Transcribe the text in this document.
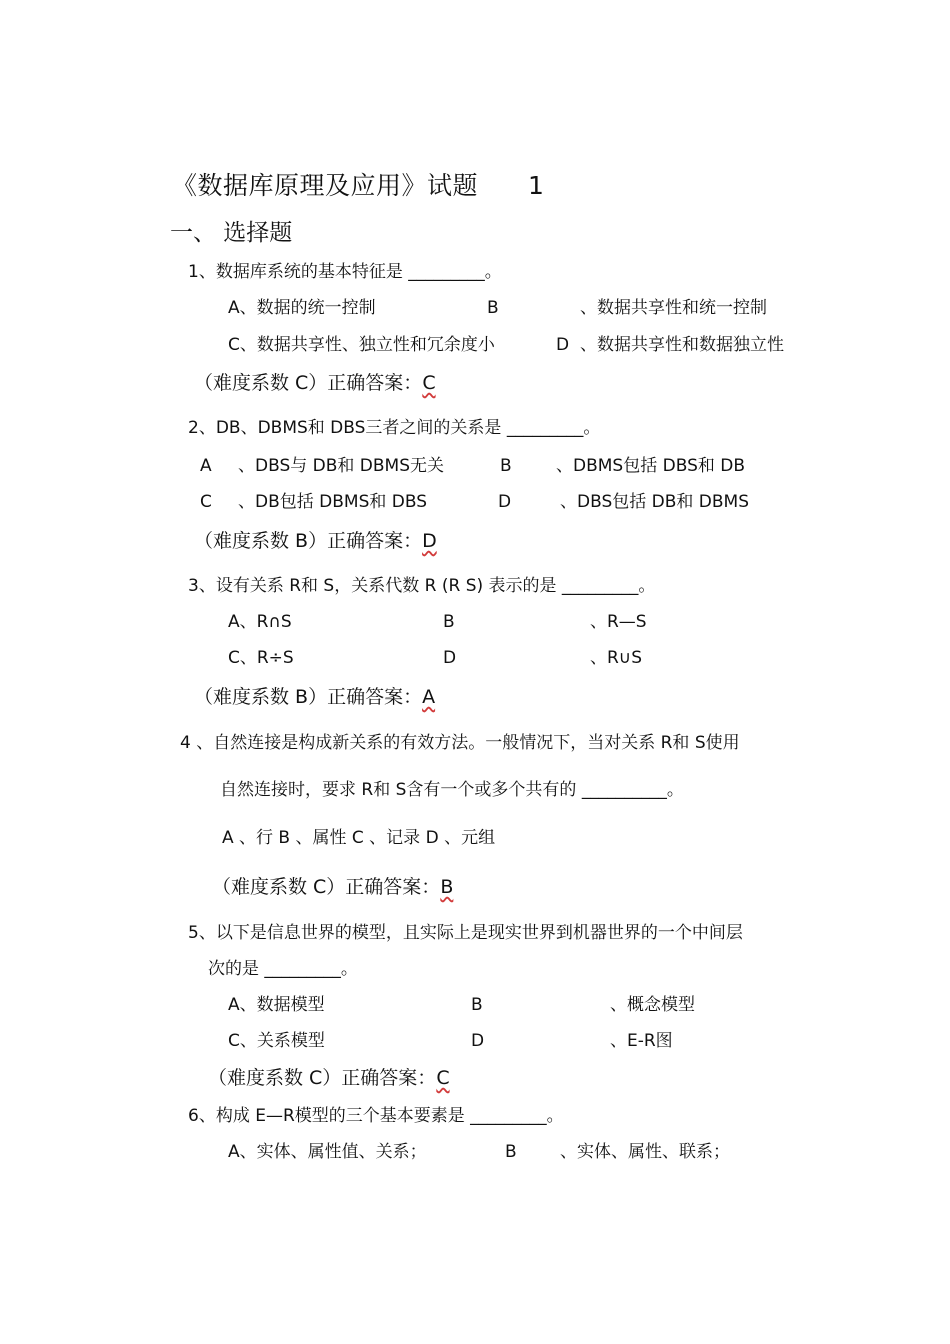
《数据库原理及应用》试题 1
一、 选择题
1、数据库系统的基本特征是 _________。
A、数据的统一控制	B	、数据共享性和统一控制
C、数据共享性、独立性和冗余度小	D 、数据共享性和数据独立性
（难度系数 C）正确答案：C
2、DB、DBMS和 DBS三者之间的关系是 _________。
A 、DBS与 DB和 DBMS无关	B	、DBMS包括 DBS和 DB
C 、DB包括 DBMS和 DBS	D	、DBS包括 DB和 DBMS
（难度系数 B）正确答案：D
3、设有关系 R和 S，关系代数 R (R S) 表示的是 _________。
A、R∩S	B	、R—S
C、R÷S	D	、R∪S
（难度系数 B）正确答案：A
4 、自然连接是构成新关系的有效方法。一般情况下，当对关系 R和 S使用
自然连接时，要求 R和 S含有一个或多个共有的 __________。
A 、行 B 、属性 C 、记录 D 、元组
（难度系数 C）正确答案：B
5、以下是信息世界的模型，且实际上是现实世界到机器世界的一个中间层
次的是 _________。
A、数据模型	B	、概念模型
C、关系模型	D	、E-R图
（难度系数 C）正确答案：C
6、构成 E—R模型的三个基本要素是 _________。
A、实体、属性值、关系；	B	、实体、属性、联系；
